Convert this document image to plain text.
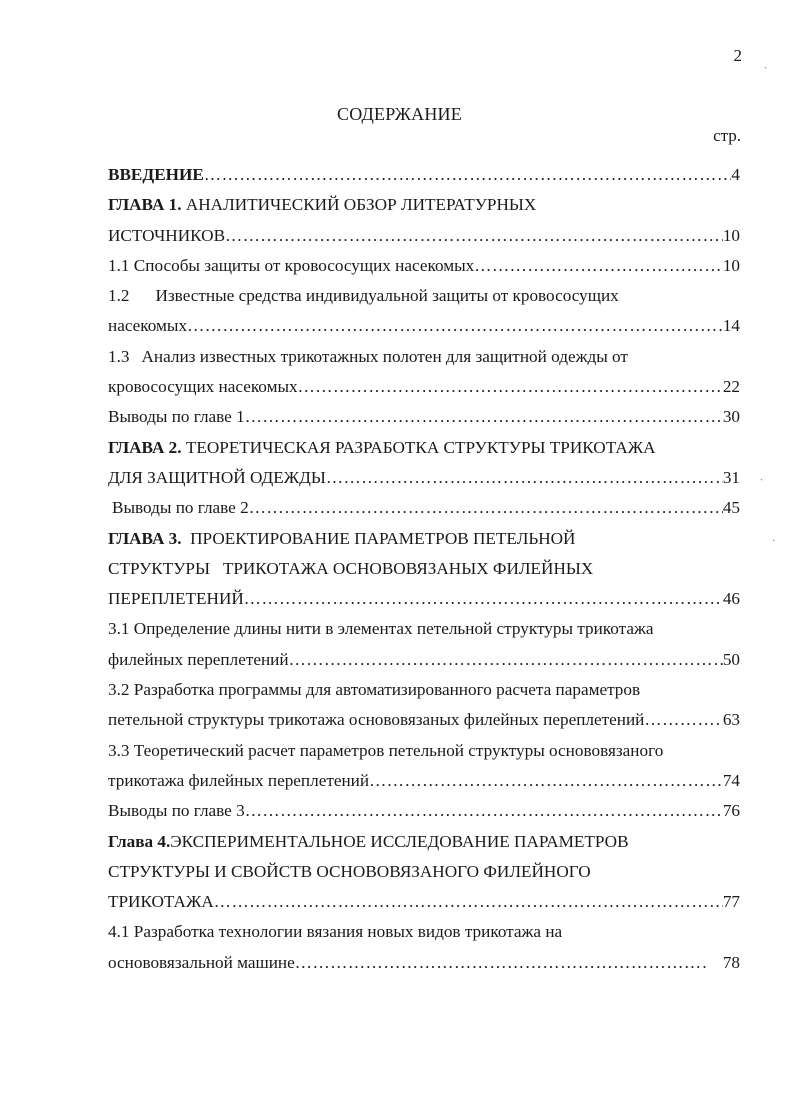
2
СОДЕРЖАНИЕ
стр.
ВВЕДЕНИЕ ……………………………………………………………………………………………………………………………………………	4
ГЛАВА 1. АНАЛИТИЧЕСКИЙ ОБЗОР ЛИТЕРАТУРНЫХ
ИСТОЧНИКОВ ……………………………………………………………………………………………………………………………………………	10
1.1 Способы защиты от кровососущих насекомых ……………………………………………………………………………………………………………………………………………	10
1.2 Известные средства индивидуальной защиты от кровососущих
насекомых ……………………………………………………………………………………………………………………………………………	14
1.3 Анализ известных трикотажных полотен для защитной одежды от
кровососущих насекомых ……………………………………………………………………………………………………………………………………………	22
Выводы по главе 1 ……………………………………………………………………………………………………………………………………………	30
ГЛАВА 2. ТЕОРЕТИЧЕСКАЯ РАЗРАБОТКА СТРУКТУРЫ ТРИКОТАЖА
ДЛЯ ЗАЩИТНОЙ ОДЕЖДЫ ……………………………………………………………………………………………………………………………………………	31
Выводы по главе 2 ……………………………………………………………………………………………………………………………………………	45
ГЛАВА 3. ПРОЕКТИРОВАНИЕ ПАРАМЕТРОВ ПЕТЕЛЬНОЙ
СТРУКТУРЫ   ТРИКОТАЖА ОСНОВОВЯЗАНЫХ ФИЛЕЙНЫХ
ПЕРЕПЛЕТЕНИЙ ……………………………………………………………………………………………………………………………………………	46
3.1 Определение длины нити в элементах петельной структуры трикотажа
филейных переплетений ……………………………………………………………………………………………………………………………………………	50
3.2 Разработка программы для автоматизированного расчета параметров
петельной структуры трикотажа основовязаных филейных переплетений ……………………………………………………………………………………………………………………………………………	63
3.3 Теоретический расчет параметров петельной структуры основовязаного
трикотажа филейных переплетений ……………………………………………………………………………………………………………………………………………	74
Выводы по главе 3 ……………………………………………………………………………………………………………………………………………	76
Глава 4.ЭКСПЕРИМЕНТАЛЬНОЕ ИССЛЕДОВАНИЕ ПАРАМЕТРОВ
СТРУКТУРЫ И СВОЙСТВ ОСНОВОВЯЗАНОГО ФИЛЕЙНОГО
ТРИКОТАЖА ……………………………………………………………………………………………………………………………………………	77
4.1 Разработка технологии вязания новых видов трикотажа на
основовязальной машине ……………………………………………………………………………………………………………………………………………	78
ˏ
·
ˎ
